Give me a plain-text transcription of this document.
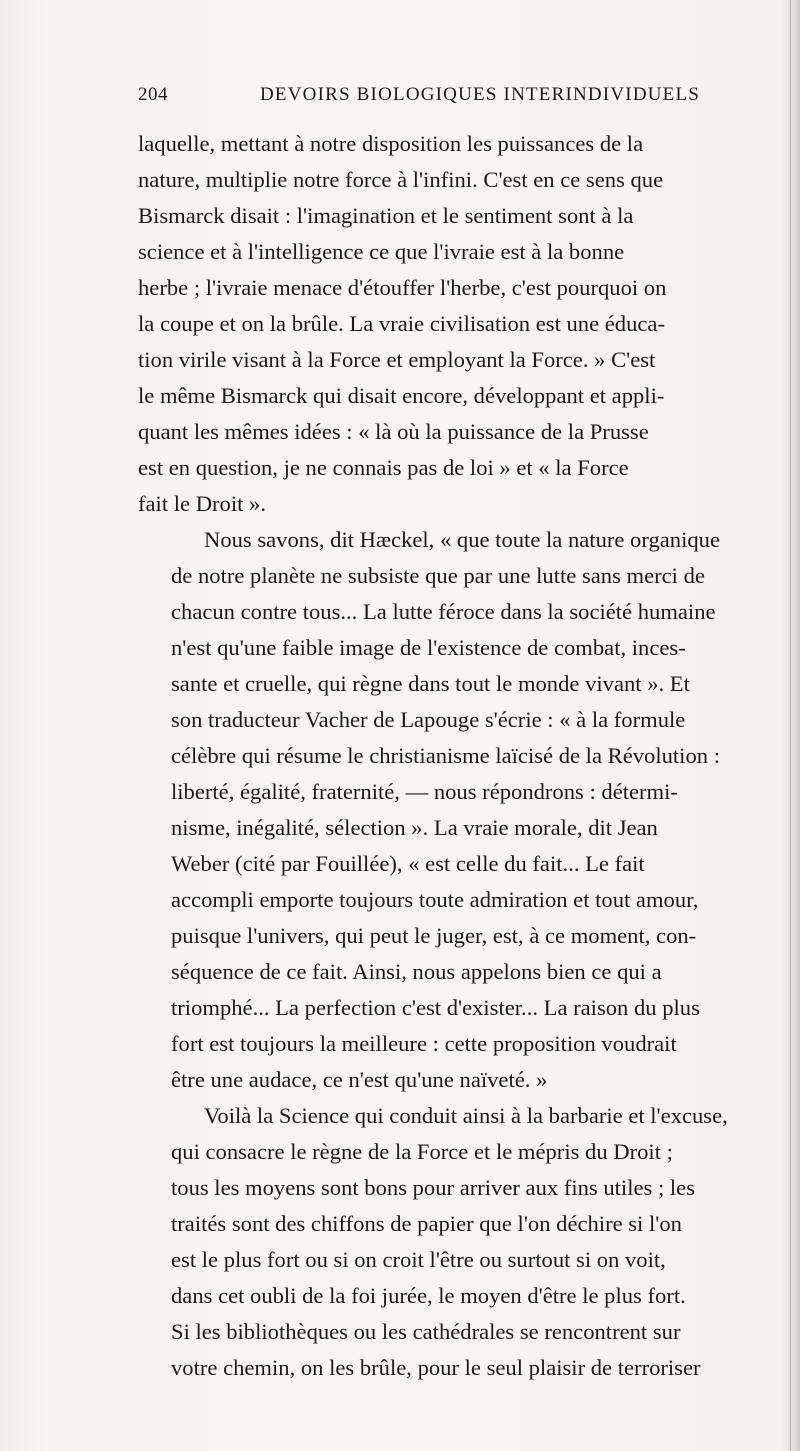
204	DEVOIRS BIOLOGIQUES INTERINDIVIDUELS

laquelle, mettant à notre disposition les puissances de la
nature, multiplie notre force à l'infini. C'est en ce sens que
Bismarck disait : l'imagination et le sentiment sont à la
science et à l'intelligence ce que l'ivraie est à la bonne
herbe ; l'ivraie menace d'étouffer l'herbe, c'est pourquoi on
la coupe et on la brûle. La vraie civilisation est une éduca-
tion virile visant à la Force et employant la Force. » C'est
le même Bismarck qui disait encore, développant et appli-
quant les mêmes idées : « là où la puissance de la Prusse
est en question, je ne connais pas de loi » et « la Force
fait le Droit ».

Nous savons, dit Hæckel, « que toute la nature organique
de notre planète ne subsiste que par une lutte sans merci de
chacun contre tous... La lutte féroce dans la société humaine
n'est qu'une faible image de l'existence de combat, inces-
sante et cruelle, qui règne dans tout le monde vivant ». Et
son traducteur Vacher de Lapouge s'écrie : « à la formule
célèbre qui résume le christianisme laïcisé de la Révolution :
liberté, égalité, fraternité, — nous répondrons : détermi-
nisme, inégalité, sélection ». La vraie morale, dit Jean
Weber (cité par Fouillée), « est celle du fait... Le fait
accompli emporte toujours toute admiration et tout amour,
puisque l'univers, qui peut le juger, est, à ce moment, con-
séquence de ce fait. Ainsi, nous appelons bien ce qui a
triomphé... La perfection c'est d'exister... La raison du plus
fort est toujours la meilleure : cette proposition voudrait
être une audace, ce n'est qu'une naïveté. »

Voilà la Science qui conduit ainsi à la barbarie et l'excuse,
qui consacre le règne de la Force et le mépris du Droit ;
tous les moyens sont bons pour arriver aux fins utiles ; les
traités sont des chiffons de papier que l'on déchire si l'on
est le plus fort ou si on croit l'être ou surtout si on voit,
dans cet oubli de la foi jurée, le moyen d'être le plus fort.
Si les bibliothèques ou les cathédrales se rencontrent sur
votre chemin, on les brûle, pour le seul plaisir de terroriser
